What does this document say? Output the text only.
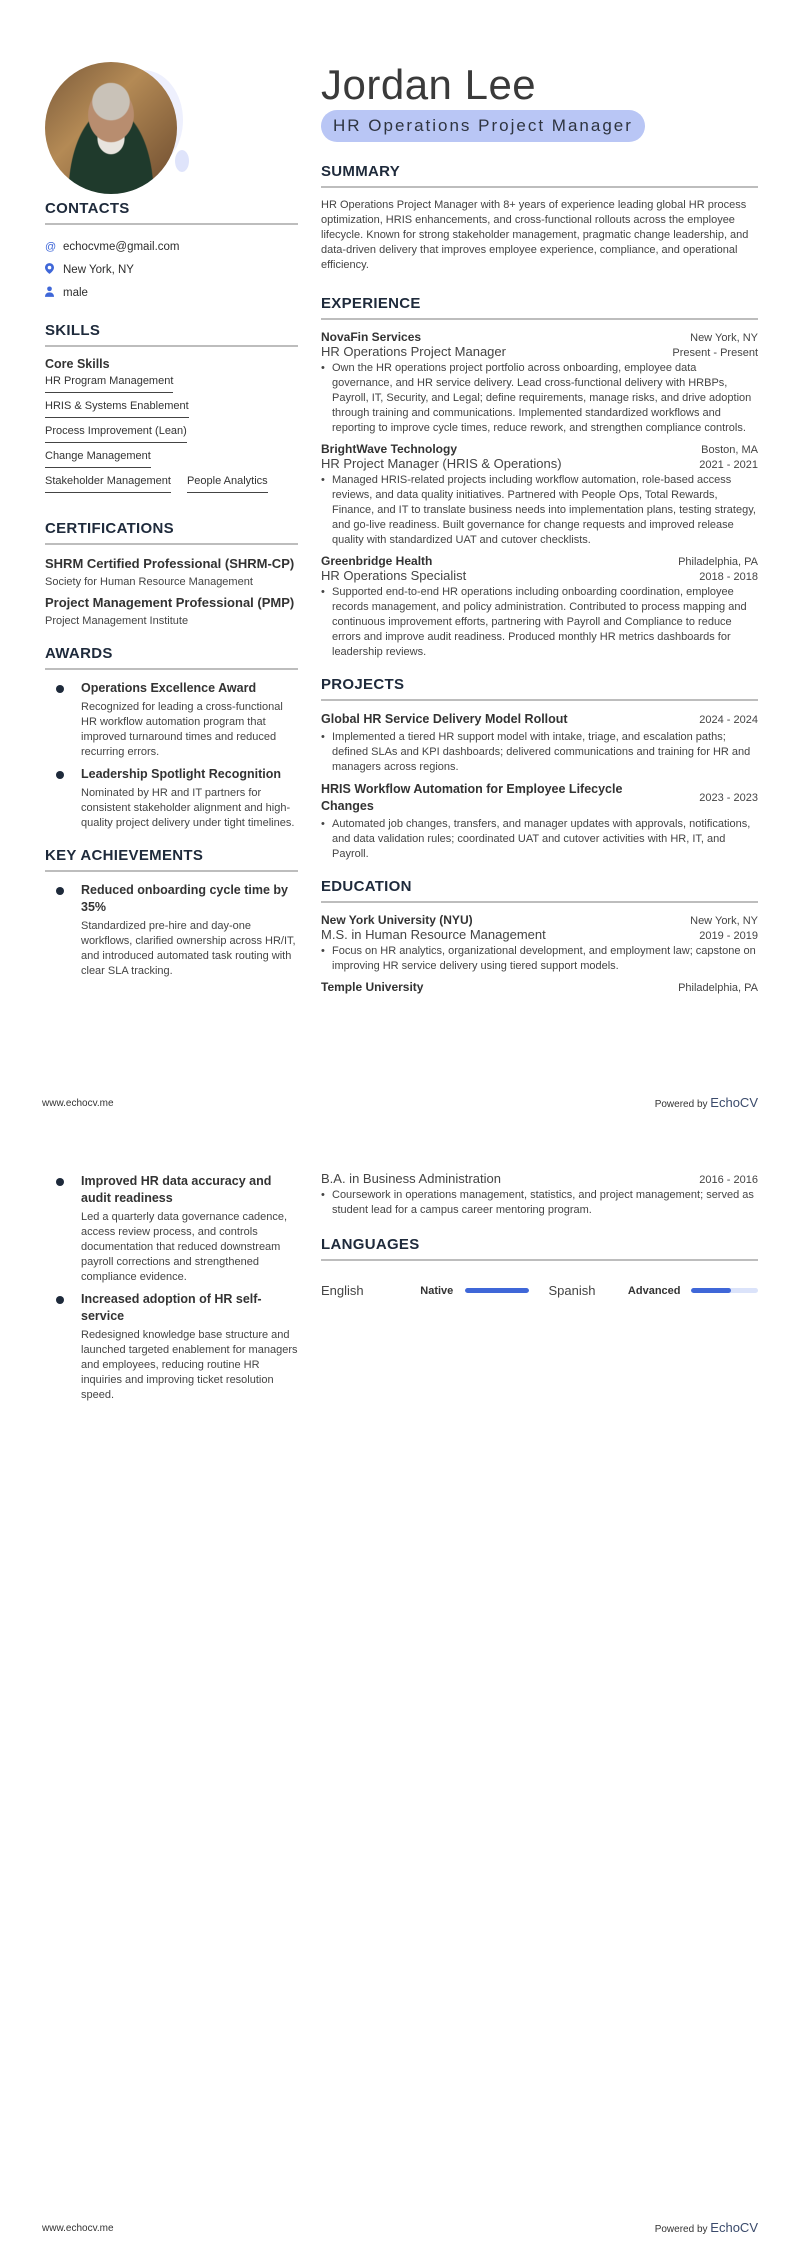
Jordan Lee
HR Operations Project Manager
CONTACTS
@ echocvme@gmail.com
New York, NY
male
SKILLS
Core Skills
HR Program Management
HRIS & Systems Enablement
Process Improvement (Lean)
Change Management
Stakeholder Management People Analytics
CERTIFICATIONS
SHRM Certified Professional (SHRM-CP)
Society for Human Resource Management
Project Management Professional (PMP)
Project Management Institute
AWARDS
Operations Excellence Award
Recognized for leading a cross-functional HR workflow automation program that improved turnaround times and reduced recurring errors.
Leadership Spotlight Recognition
Nominated by HR and IT partners for consistent stakeholder alignment and high-quality project delivery under tight timelines.
KEY ACHIEVEMENTS
Reduced onboarding cycle time by 35%
Standardized pre-hire and day-one workflows, clarified ownership across HR/IT, and introduced automated task routing with clear SLA tracking.
SUMMARY

HR Operations Project Manager with 8+ years of experience leading global HR process optimization, HRIS enhancements, and cross-functional rollouts across the employee lifecycle. Known for strong stakeholder management, pragmatic change leadership, and data-driven delivery that improves employee experience, compliance, and operational efficiency.

EXPERIENCE
NovaFin Services	New York, NY
HR Operations Project Manager	Present - Present
• Own the HR operations project portfolio across onboarding, employee data governance, and HR service delivery. Lead cross-functional delivery with HRBPs, Payroll, IT, Security, and Legal; define requirements, manage risks, and drive adoption through training and communications. Implemented standardized workflows and reporting to improve cycle times, reduce rework, and strengthen compliance controls.
BrightWave Technology	Boston, MA
HR Project Manager (HRIS & Operations)	2021 - 2021
• Managed HRIS-related projects including workflow automation, role-based access reviews, and data quality initiatives. Partnered with People Ops, Total Rewards, Finance, and IT to translate business needs into implementation plans, testing strategy, and go-live readiness. Built governance for change requests and improved release quality with standardized UAT and cutover checklists.
Greenbridge Health	Philadelphia, PA
HR Operations Specialist	2018 - 2018
• Supported end-to-end HR operations including onboarding coordination, employee records management, and policy administration. Contributed to process mapping and continuous improvement efforts, partnering with Payroll and Compliance to reduce errors and improve audit readiness. Produced monthly HR metrics dashboards for leadership reviews.
PROJECTS
Global HR Service Delivery Model Rollout	2024 - 2024
• Implemented a tiered HR support model with intake, triage, and escalation paths; defined SLAs and KPI dashboards; delivered communications and training for HR and managers across regions.
HRIS Workflow Automation for Employee Lifecycle Changes
2023 - 2023
• Automated job changes, transfers, and manager updates with approvals, notifications, and data validation rules; coordinated UAT and cutover activities with HR, IT, and Payroll.
EDUCATION
New York University (NYU)	New York, NY
M.S. in Human Resource Management	2019 - 2019
• Focus on HR analytics, organizational development, and employment law; capstone on improving HR service delivery using tiered support models.
Temple University	Philadelphia, PA
www.echocv.me	Powered by EchoCV
Improved HR data accuracy and audit readiness
Led a quarterly data governance cadence, access review process, and controls documentation that reduced downstream payroll corrections and strengthened compliance evidence.
Increased adoption of HR self-service
Redesigned knowledge base structure and launched targeted enablement for managers and employees, reducing routine HR inquiries and improving ticket resolution speed.
B.A. in Business Administration	2016 - 2016
• Coursework in operations management, statistics, and project management; served as student lead for a campus career mentoring program.
LANGUAGES
English	Native	Spanish	Advanced
www.echocv.me	Powered by EchoCV
